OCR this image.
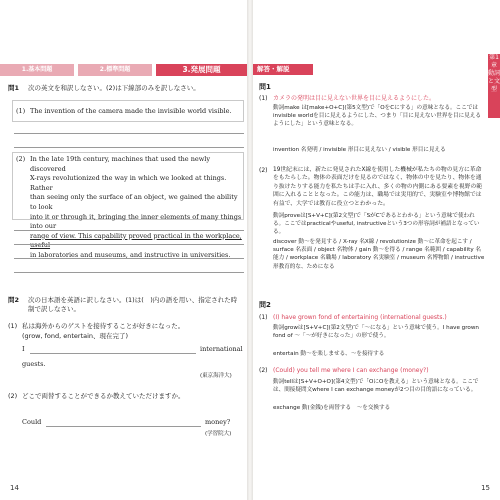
1.基本問題	2.標準問題	3.発展問題
問1 次の英文を和訳しなさい。(2)は下線部のみを訳しなさい。
(1) The invention of the camera made the invisible world visible.
(2) In the late 19th century, machines that used the newly discovered
X-rays revolutionized the way in which we looked at things. Rather
than seeing only the surface of an object, we gained the ability to look
into it or through it, bringing the inner elements of many things into our
range of view. This capability proved practical in the workplace, useful
in laboratories and museums, and instructive in universities.
問2 次の日本語を英語に訳しなさい。(1)は(　)内の語を用い、指定された時制で訳しなさい。
(1) 私は海外からのゲストを接待することが好きになった。
(grow, fond, entertain、現在完了)
I	international
guests.
(東京海洋大)
(2) どこで両替することができるか教えていただけますか。
Could	money?
(学習院大)
14
解答・解説
第1章 動詞と文型
問1
(1) カメラの発明は目に見えない世界を目に見えるようにした。
動詞make は[make+O+C](第5文型)で「OをCにする」の意味となる。ここではinvisible worldを目に見えるようにした、つまり「目に見えない世界を目に見えるようにした」という意味となる。
invention 名発明 / invisible 形目に見えない / visible 形目に見える
(2) 19世紀末には、新たに発見されたX線を使用した機械が私たちの物の見方に革命をもたらした。物体の表面だけを見るのではなく、物体の中を見たり、物体を通り抜けたりする能力を私たちは手に入れ、多くの物の内側にある要素を視野の範囲に入れることとなった。この能力は、職場では実用的で、実験室や博物館では有益で、大学では教育に役立つとわかった。
動詞proveは[S+V+C](第2文型)で「SがCであるとわかる」という意味で使われる。ここではpracticalやuseful, instructiveという3つの形容詞が補語となっている。
discover 動～を発見する / X-ray 名X線 / revolutionize 動～に革命を起こす / surface 名表面 / object 名物体 / gain 動～を得る / range 名範囲 / capability 名能力 / workplace 名職場 / laboratory 名実験室 / museum 名博物館 / instructive 形教育的な、ためになる
問2
(1) (I) have grown fond of entertaining (international guests.)
動詞growは[S+V+C](第2文型)で「～になる」という意味で使う。I have grown fond of ～「～が好きになった」の形で使う。
entertain 動～を楽しませる、～を接待する
(2) (Could) you tell me where I can exchange (money?)
動詞tellは[S+V+O+O](第4文型)で「OにOを教える」という意味となる。ここでは、間接疑問文where I can exchange moneyが2つ目の目的語になっている。
exchange 動(金銭)を両替する　～を交換する
15
